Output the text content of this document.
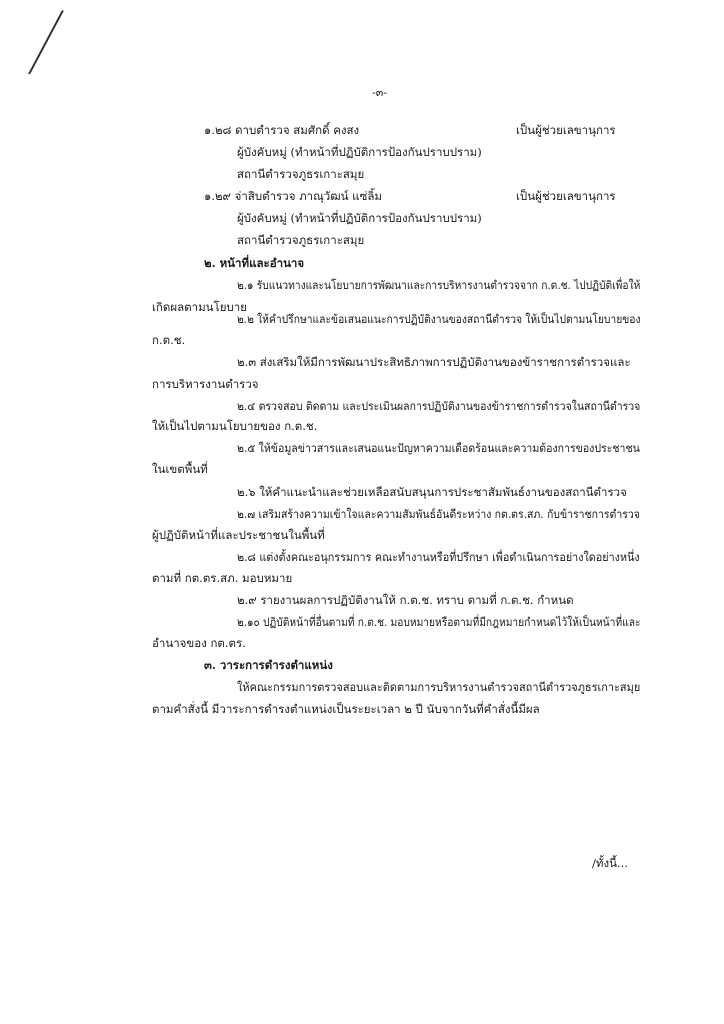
-๓-
๑.๒๘ ดาบตำรวจ สมศักดิ์ คงสง	เป็นผู้ช่วยเลขานุการ
ผู้บังคับหมู่ (ทำหน้าที่ปฏิบัติการป้องกันปราบปราม)
สถานีตำรวจภูธรเกาะสมุย
๑.๒๙ จ่าสิบตำรวจ ภาณุวัฒน์ แซ่ลิ้ม	เป็นผู้ช่วยเลขานุการ
ผู้บังคับหมู่ (ทำหน้าที่ปฏิบัติการป้องกันปราบปราม)
สถานีตำรวจภูธรเกาะสมุย
๒. หน้าที่และอำนาจ
๒.๑ รับแนวทางและนโยบายการพัฒนาและการบริหารงานตำรวจจาก ก.ต.ช. ไปปฏิบัติเพื่อให้
เกิดผลตามนโยบาย
๒.๒ ให้คำปรึกษาและข้อเสนอแนะการปฏิบัติงานของสถานีตำรวจ ให้เป็นไปตามนโยบายของ
ก.ต.ช.
๒.๓ ส่งเสริมให้มีการพัฒนาประสิทธิภาพการปฏิบัติงานของข้าราชการตำรวจและ
การบริหารงานตำรวจ
๒.๔ ตรวจสอบ ติดตาม และประเมินผลการปฏิบัติงานของข้าราชการตำรวจในสถานีตำรวจ
ให้เป็นไปตามนโยบายของ ก.ต.ช.
๒.๕ ให้ข้อมูลข่าวสารและเสนอแนะปัญหาความเดือดร้อนและความต้องการของประชาชน
ในเขตพื้นที่
๒.๖ ให้คำแนะนำและช่วยเหลือสนับสนุนการประชาสัมพันธ์งานของสถานีตำรวจ
๒.๗ เสริมสร้างความเข้าใจและความสัมพันธ์อันดีระหว่าง กต.ตร.สภ. กับข้าราชการตำรวจ
ผู้ปฏิบัติหน้าที่และประชาชนในพื้นที่
๒.๘ แต่งตั้งคณะอนุกรรมการ คณะทำงานหรือที่ปรึกษา เพื่อดำเนินการอย่างใดอย่างหนึ่ง
ตามที่ กต.ตร.สภ. มอบหมาย
๒.๙ รายงานผลการปฏิบัติงานให้ ก.ต.ช. ทราบ ตามที่ ก.ต.ช. กำหนด
๒.๑๐ ปฏิบัติหน้าที่อื่นตามที่ ก.ต.ช. มอบหมายหรือตามที่มีกฎหมายกำหนดไว้ให้เป็นหน้าที่และ
อำนาจของ กต.ตร.
๓. วาระการดำรงตำแหน่ง
ให้คณะกรรมการตรวจสอบและติดตามการบริหารงานตำรวจสถานีตำรวจภูธรเกาะสมุย
ตามคำสั่งนี้ มีวาระการดำรงตำแหน่งเป็นระยะเวลา ๒ ปี นับจากวันที่คำสั่งนี้มีผล
/ทั้งนี้...
